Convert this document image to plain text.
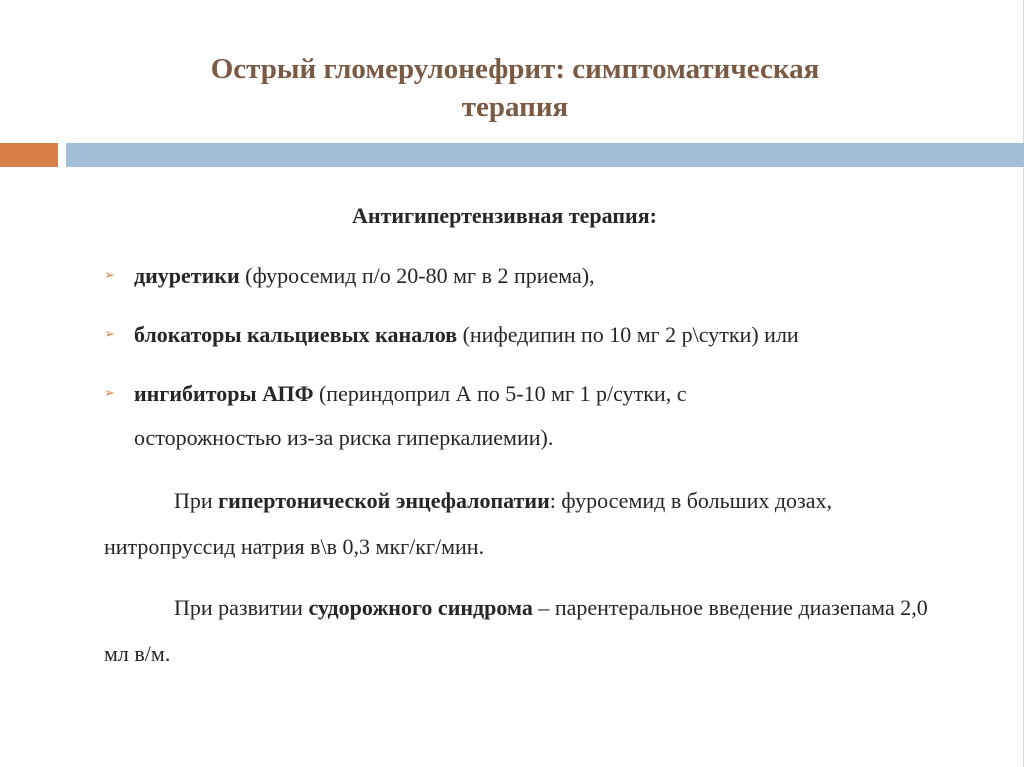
Острый гломерулонефрит: симптоматическая
терапия
Антигипертензивная терапия:
➢ диуретики (фуросемид п/о 20-80 мг в 2 приема),
➢ блокаторы кальциевых каналов (нифедипин по 10 мг 2 р\сутки) или
➢ ингибиторы АПФ (периндоприл А по 5-10 мг 1 р/сутки, с осторожностью из-за риска гиперкалиемии).
При гипертонической энцефалопатии: фуросемид в больших дозах, нитропруссид натрия в\в 0,3 мкг/кг/мин.
При развитии судорожного синдрома – парентеральное введение диазепама 2,0 мл в/м.
